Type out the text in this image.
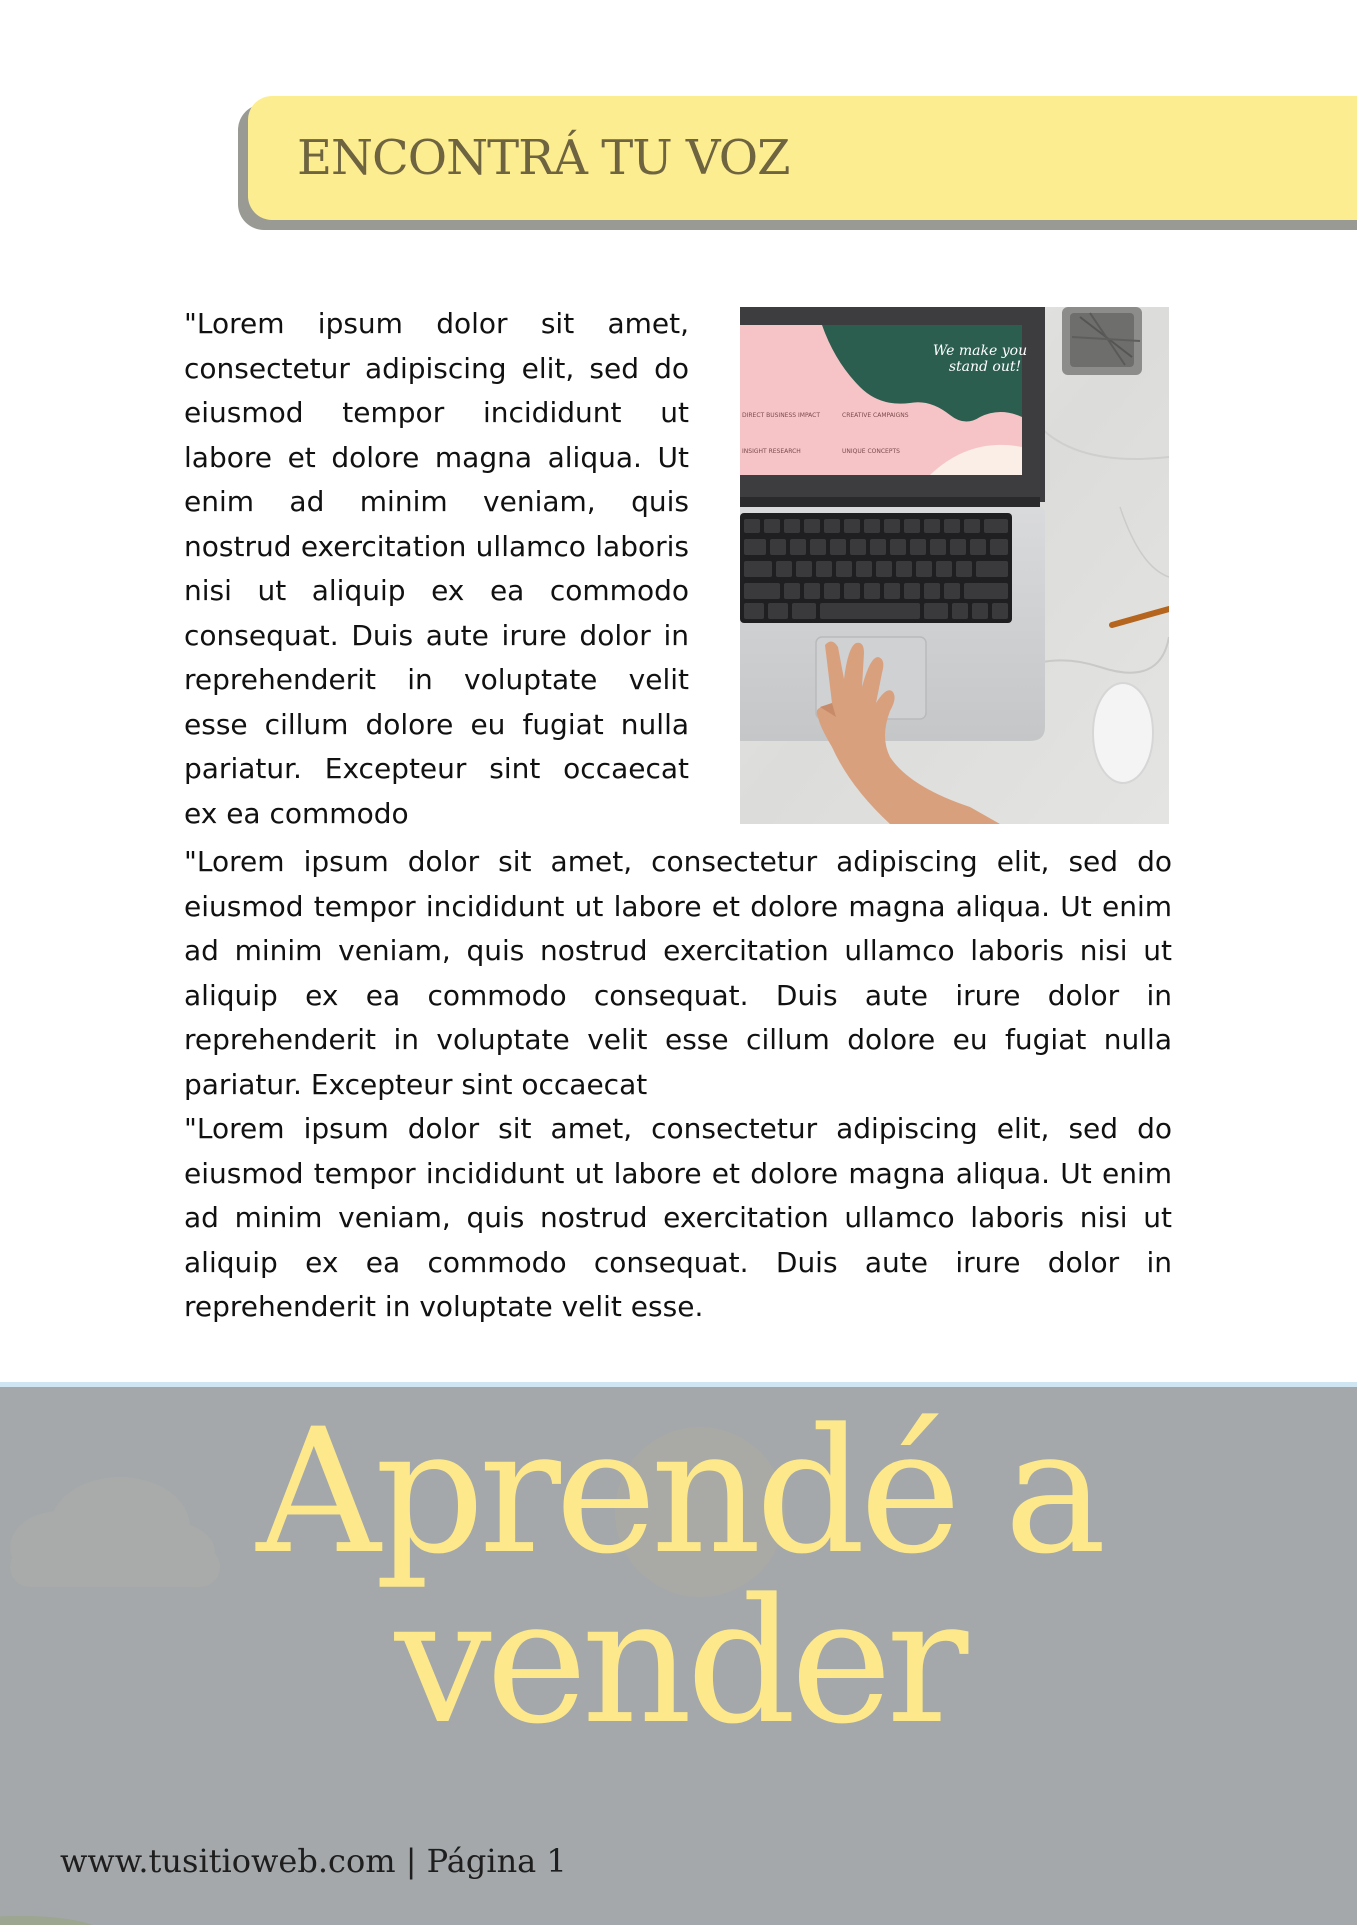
ENCONTRÁ TU VOZ

"Lorem ipsum dolor sit amet, consectetur adipiscing elit, sed do eiusmod tempor incididunt ut labore et dolore magna aliqua. Ut enim ad minim veniam, quis nostrud exercitation ullamco laboris nisi ut aliquip ex ea commodo consequat. Duis aute irure dolor in reprehenderit in voluptate velit esse cillum dolore eu fugiat nulla pariatur. Excepteur sint occaecat ex ea commodo

We make you
stand out!
DIRECT BUSINESS IMPACT	CREATIVE CAMPAIGNS
INSIGHT RESEARCH	UNIQUE CONCEPTS

"Lorem ipsum dolor sit amet, consectetur adipiscing elit, sed do eiusmod tempor incididunt ut labore et dolore magna aliqua. Ut enim ad minim veniam, quis nostrud exercitation ullamco laboris nisi ut aliquip ex ea commodo consequat. Duis aute irure dolor in reprehenderit in voluptate velit esse cillum dolore eu fugiat nulla pariatur. Excepteur sint occaecat

"Lorem ipsum dolor sit amet, consectetur adipiscing elit, sed do eiusmod tempor incididunt ut labore et dolore magna aliqua. Ut enim ad minim veniam, quis nostrud exercitation ullamco laboris nisi ut aliquip ex ea commodo consequat. Duis aute irure dolor in reprehenderit in voluptate velit esse.

Aprendé a
vender

www.tusitioweb.com | Página 1
